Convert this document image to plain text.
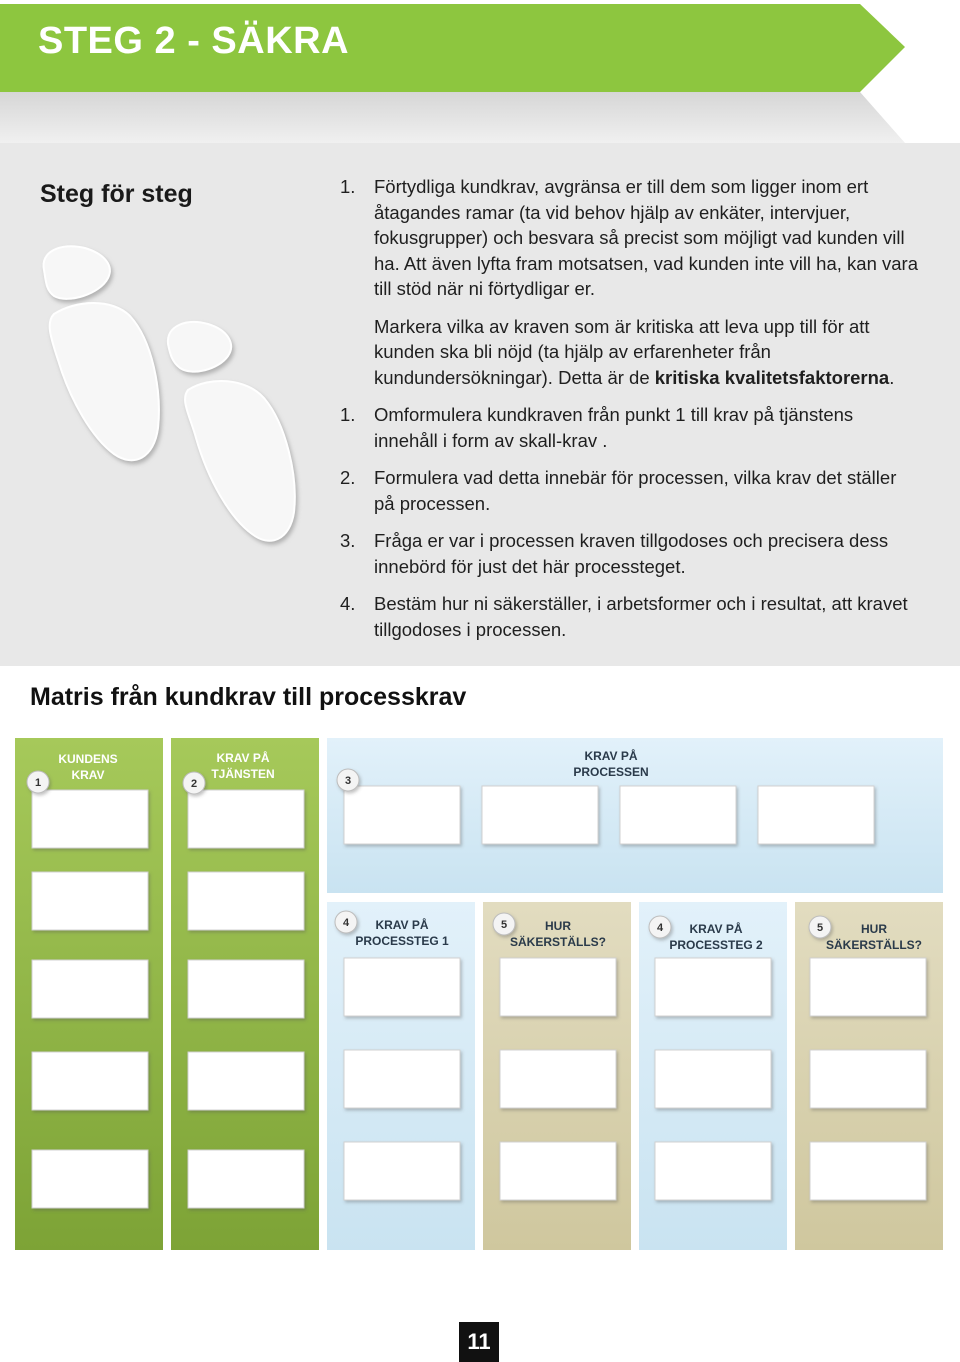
STEG 2 - SÄKRA
Steg för steg	1.	Förtydliga kundkrav, avgränsa er till dem som ligger inom ert åtagandes ramar (ta vid behov hjälp av enkäter, intervjuer, fokusgrupper) och besvara så precist som möjligt vad kunden vill ha. Att även lyfta fram motsatsen, vad kunden inte vill ha, kan vara till stöd när ni förtydligar er.
Markera vilka av kraven som är kritiska att leva upp till för att kunden ska bli nöjd (ta hjälp av erfarenheter från kundundersökningar). Detta är de kritiska kvalitetsfaktorerna.
1.	Omformulera kundkraven från punkt 1 till krav på tjänstens innehåll i form av skall-krav .
2.	Formulera vad detta innebär för processen, vilka krav det ställer på processen.
3.	Fråga er var i processen kraven tillgodoses och precisera dess innebörd för just det här processteget.
4.	Bestäm hur ni säkerställer, i arbetsformer och i resultat, att kravet tillgodoses i processen.
Matris från kundkrav till processkrav
KUNDENS
KRAV
1
KRAV PÅ
TJÄNSTEN
2
KRAV PÅ
PROCESSEN
3
KRAV PÅ
PROCESSTEG 1
4	HUR
SÄKERSTÄLLS?
5	KRAV PÅ
PROCESSTEG 2
4	HUR
SÄKERSTÄLLS?
5
11
